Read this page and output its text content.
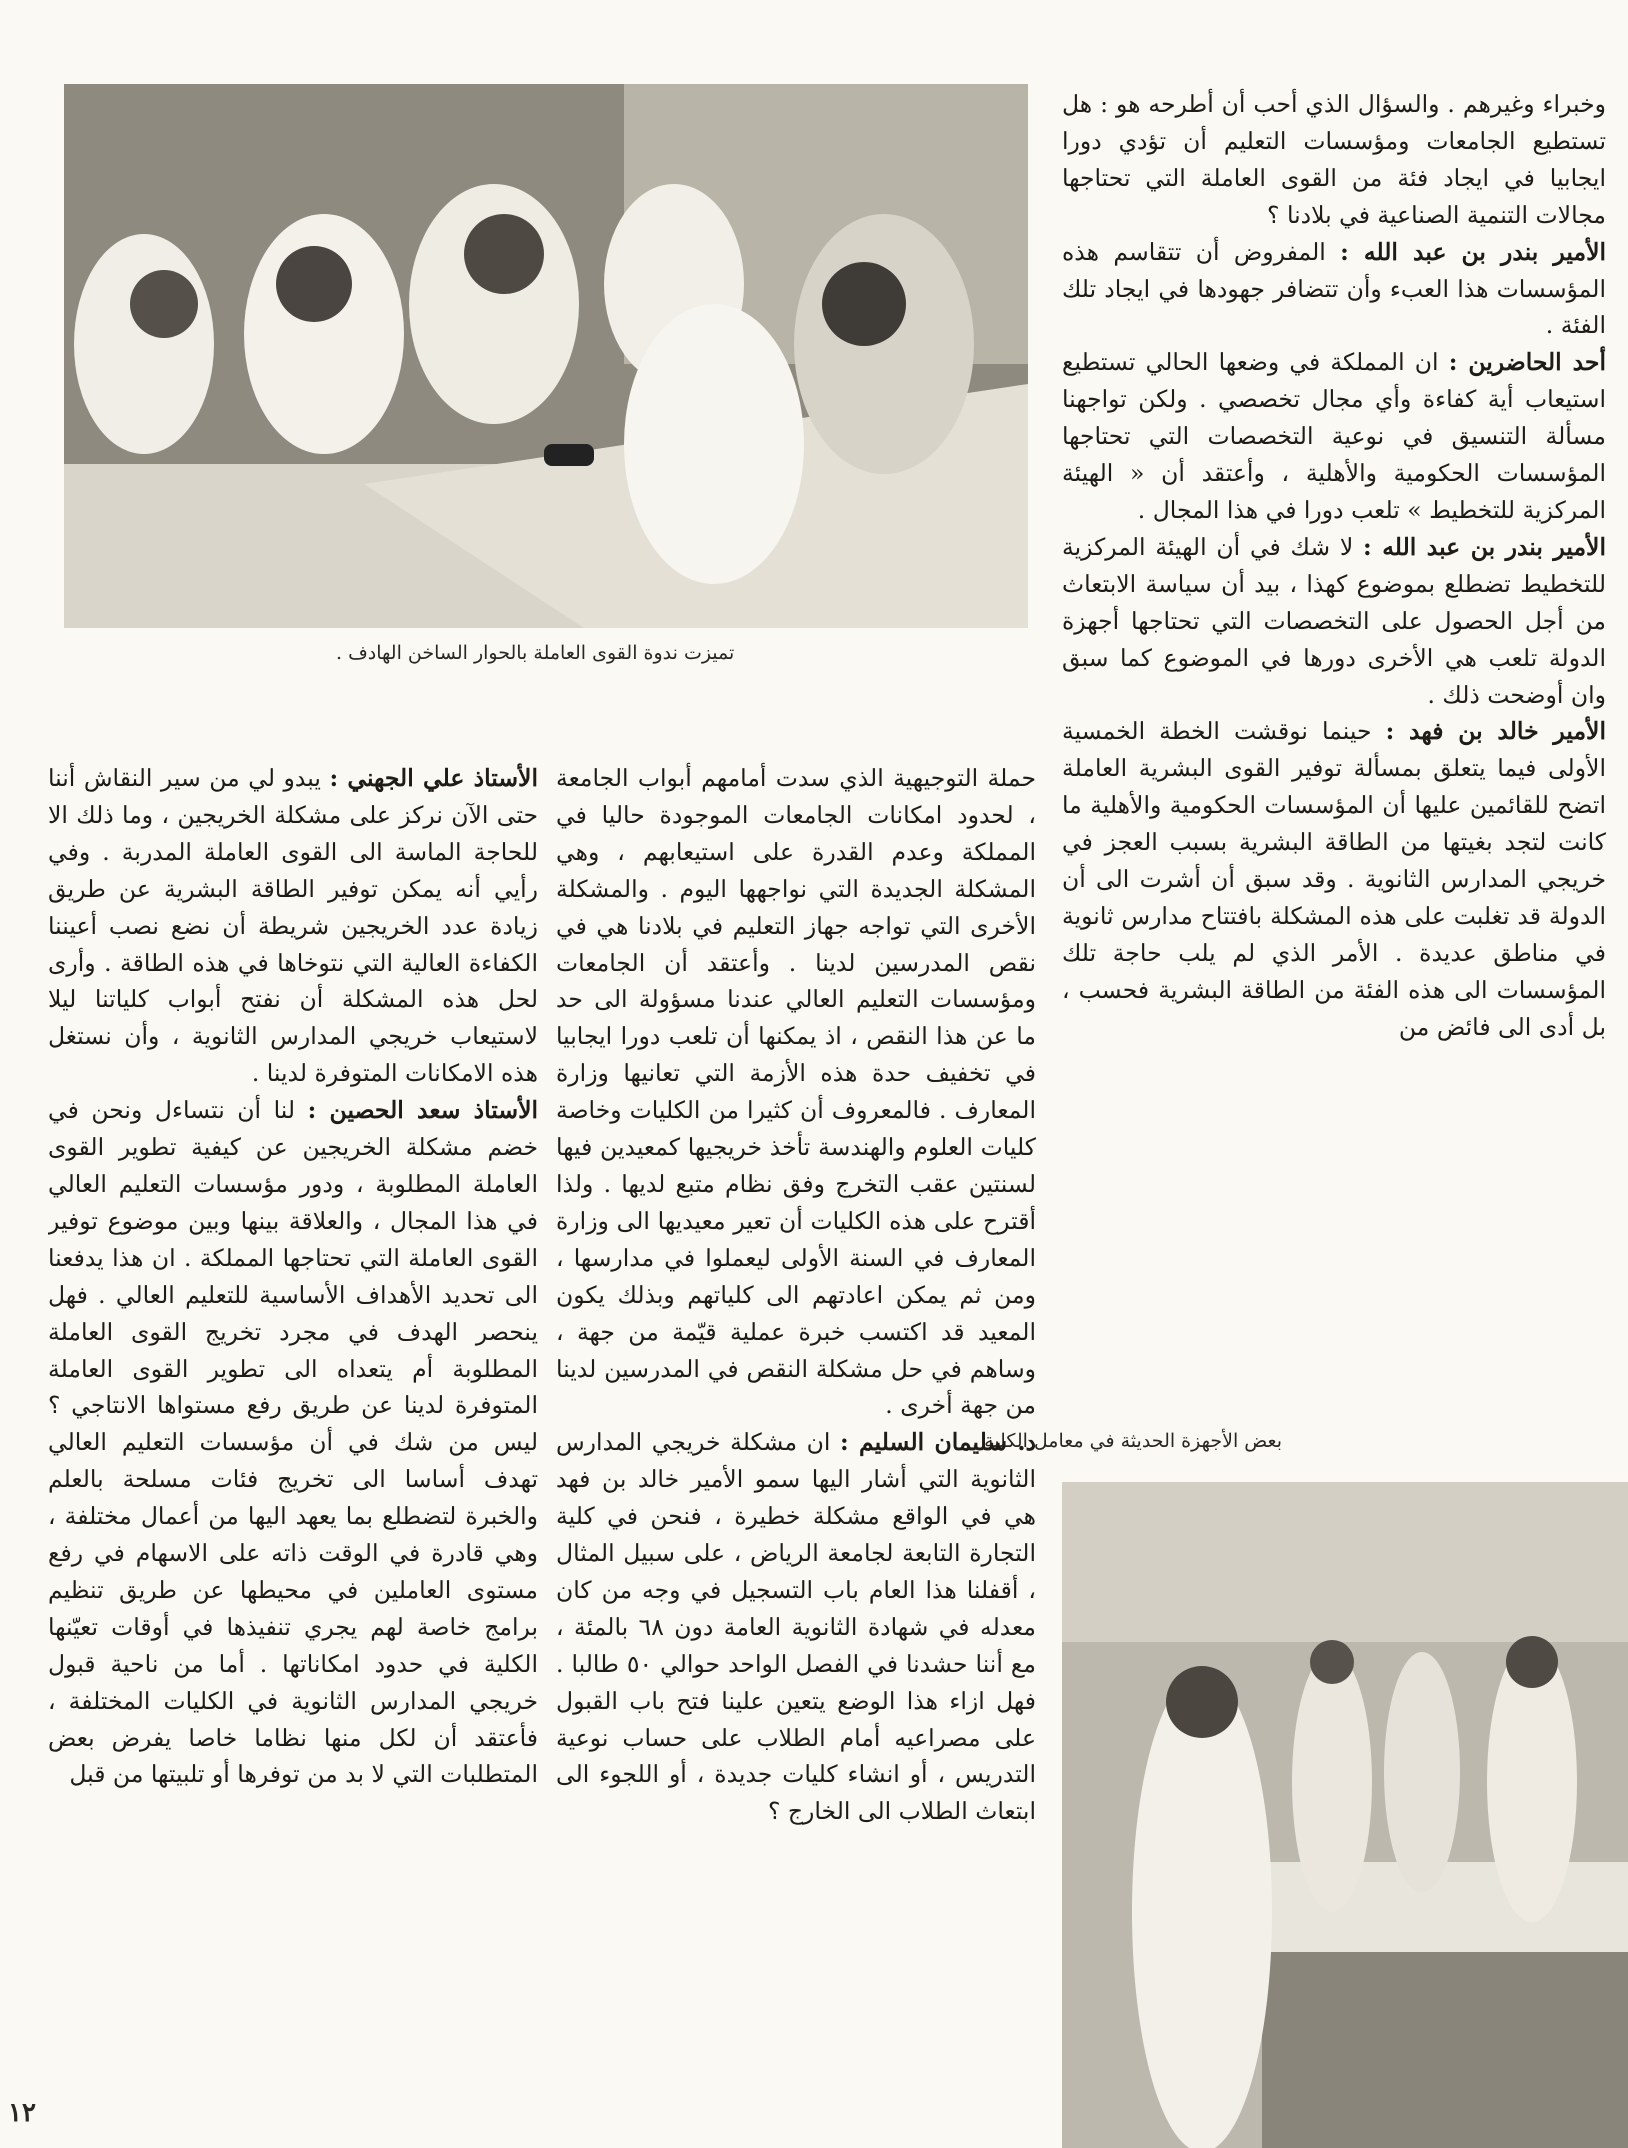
تميزت ندوة القوى العاملة بالحوار الساخن الهادف .

وخبراء وغيرهم . والسؤال الذي أحب أن أطرحه هو : هل تستطيع الجامعات ومؤسسات التعليم أن تؤدي دورا ايجابيا في ايجاد فئة من القوى العاملة التي تحتاجها مجالات التنمية الصناعية في بلادنا ؟

الأمير بندر بن عبد الله : المفروض أن تتقاسم هذه المؤسسات هذا العبء وأن تتضافر جهودها في ايجاد تلك الفئة .

أحد الحاضرين : ان المملكة في وضعها الحالي تستطيع استيعاب أية كفاءة وأي مجال تخصصي . ولكن تواجهنا مسألة التنسيق في نوعية التخصصات التي تحتاجها المؤسسات الحكومية والأهلية ، وأعتقد أن « الهيئة المركزية للتخطيط » تلعب دورا في هذا المجال .

الأمير بندر بن عبد الله : لا شك في أن الهيئة المركزية للتخطيط تضطلع بموضوع كهذا ، بيد أن سياسة الابتعاث من أجل الحصول على التخصصات التي تحتاجها أجهزة الدولة تلعب هي الأخرى دورها في الموضوع كما سبق وان أوضحت ذلك .

الأمير خالد بن فهد : حينما نوقشت الخطة الخمسية الأولى فيما يتعلق بمسألة توفير القوى البشرية العاملة اتضح للقائمين عليها أن المؤسسات الحكومية والأهلية ما كانت لتجد بغيتها من الطاقة البشرية بسبب العجز في خريجي المدارس الثانوية . وقد سبق أن أشرت الى أن الدولة قد تغلبت على هذه المشكلة بافتتاح مدارس ثانوية في مناطق عديدة . الأمر الذي لم يلب حاجة تلك المؤسسات الى هذه الفئة من الطاقة البشرية فحسب ، بل أدى الى فائض من

بعض الأجهزة الحديثة في معامل الكلية .

حملة التوجيهية الذي سدت أمامهم أبواب الجامعة ، لحدود امكانات الجامعات الموجودة حاليا في المملكة وعدم القدرة على استيعابهم ، وهي المشكلة الجديدة التي نواجهها اليوم . والمشكلة الأخرى التي تواجه جهاز التعليم في بلادنا هي في نقص المدرسين لدينا . وأعتقد أن الجامعات ومؤسسات التعليم العالي عندنا مسؤولة الى حد ما عن هذا النقص ، اذ يمكنها أن تلعب دورا ايجابيا في تخفيف حدة هذه الأزمة التي تعانيها وزارة المعارف . فالمعروف أن كثيرا من الكليات وخاصة كليات العلوم والهندسة تأخذ خريجيها كمعيدين فيها لسنتين عقب التخرج وفق نظام متبع لديها . ولذا أقترح على هذه الكليات أن تعير معيديها الى وزارة المعارف في السنة الأولى ليعملوا في مدارسها ، ومن ثم يمكن اعادتهم الى كلياتهم وبذلك يكون المعيد قد اكتسب خبرة عملية قيّمة من جهة ، وساهم في حل مشكلة النقص في المدرسين لدينا من جهة أخرى .

د. سليمان السليم : ان مشكلة خريجي المدارس الثانوية التي أشار اليها سمو الأمير خالد بن فهد هي في الواقع مشكلة خطيرة ، فنحن في كلية التجارة التابعة لجامعة الرياض ، على سبيل المثال ، أقفلنا هذا العام باب التسجيل في وجه من كان معدله في شهادة الثانوية العامة دون ٦٨ بالمئة ، مع أننا حشدنا في الفصل الواحد حوالي ٥٠ طالبا . فهل ازاء هذا الوضع يتعين علينا فتح باب القبول على مصراعيه أمام الطلاب على حساب نوعية التدريس ، أو انشاء كليات جديدة ، أو اللجوء الى ابتعاث الطلاب الى الخارج ؟

الأستاذ علي الجهني : يبدو لي من سير النقاش أننا حتى الآن نركز على مشكلة الخريجين ، وما ذلك الا للحاجة الماسة الى القوى العاملة المدربة . وفي رأيي أنه يمكن توفير الطاقة البشرية عن طريق زيادة عدد الخريجين شريطة أن نضع نصب أعيننا الكفاءة العالية التي نتوخاها في هذه الطاقة . وأرى لحل هذه المشكلة أن نفتح أبواب كلياتنا ليلا لاستيعاب خريجي المدارس الثانوية ، وأن نستغل هذه الامكانات المتوفرة لدينا .

الأستاذ سعد الحصين : لنا أن نتساءل ونحن في خضم مشكلة الخريجين عن كيفية تطوير القوى العاملة المطلوبة ، ودور مؤسسات التعليم العالي في هذا المجال ، والعلاقة بينها وبين موضوع توفير القوى العاملة التي تحتاجها المملكة . ان هذا يدفعنا الى تحديد الأهداف الأساسية للتعليم العالي . فهل ينحصر الهدف في مجرد تخريج القوى العاملة المطلوبة أم يتعداه الى تطوير القوى العاملة المتوفرة لدينا عن طريق رفع مستواها الانتاجي ؟ ليس من شك في أن مؤسسات التعليم العالي تهدف أساسا الى تخريج فئات مسلحة بالعلم والخبرة لتضطلع بما يعهد اليها من أعمال مختلفة ، وهي قادرة في الوقت ذاته على الاسهام في رفع مستوى العاملين في محيطها عن طريق تنظيم برامج خاصة لهم يجري تنفيذها في أوقات تعيّنها الكلية في حدود امكاناتها . أما من ناحية قبول خريجي المدارس الثانوية في الكليات المختلفة ، فأعتقد أن لكل منها نظاما خاصا يفرض بعض المتطلبات التي لا بد من توفرها أو تلبيتها من قبل

١٢
